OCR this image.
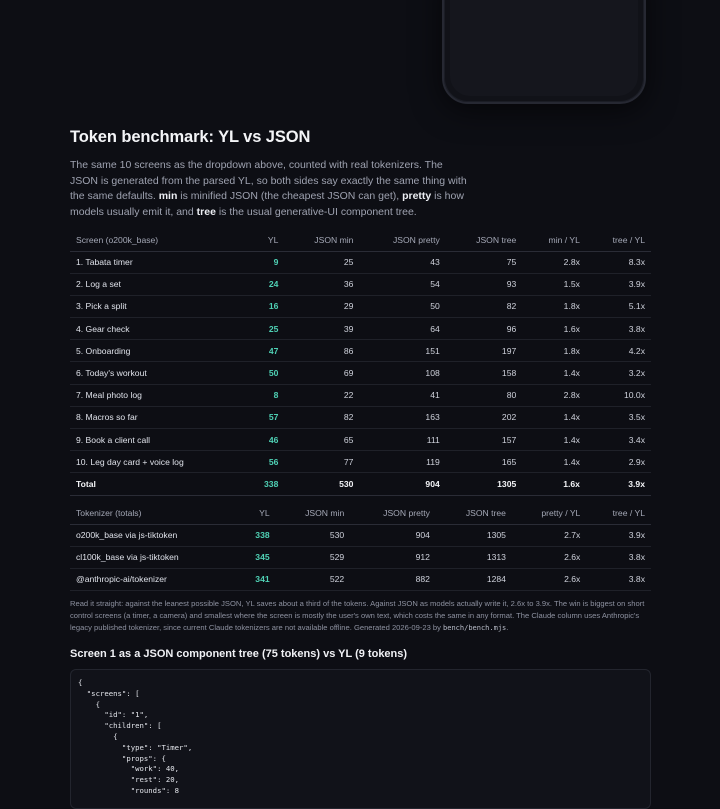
Token benchmark: YL vs JSON

The same 10 screens as the dropdown above, counted with real tokenizers. The JSON is generated from the parsed YL, so both sides say exactly the same thing with the same defaults. min is minified JSON (the cheapest JSON can get), pretty is how models usually emit it, and tree is the usual generative-UI component tree.

Screen (o200k_base)	YL	JSON min	JSON pretty	JSON tree	min / YL	tree / YL
1. Tabata timer	9	25	43	75	2.8x	8.3x
2. Log a set	24	36	54	93	1.5x	3.9x
3. Pick a split	16	29	50	82	1.8x	5.1x
4. Gear check	25	39	64	96	1.6x	3.8x
5. Onboarding	47	86	151	197	1.8x	4.2x
6. Today's workout	50	69	108	158	1.4x	3.2x
7. Meal photo log	8	22	41	80	2.8x	10.0x
8. Macros so far	57	82	163	202	1.4x	3.5x
9. Book a client call	46	65	111	157	1.4x	3.4x
10. Leg day card + voice log	56	77	119	165	1.4x	2.9x
Total	338	530	904	1305	1.6x	3.9x
Tokenizer (totals)	YL	JSON min	JSON pretty	JSON tree	pretty / YL	tree / YL
o200k_base via js-tiktoken	338	530	904	1305	2.7x	3.9x
cl100k_base via js-tiktoken	345	529	912	1313	2.6x	3.8x
@anthropic-ai/tokenizer	341	522	882	1284	2.6x	3.8x

Read it straight: against the leanest possible JSON, YL saves about a third of the tokens. Against JSON as models actually write it, 2.6x to 3.9x. The win is biggest on short control screens (a timer, a camera) and smallest where the screen is mostly the user's own text, which costs the same in any format. The Claude column uses Anthropic's legacy published tokenizer, since current Claude tokenizers are not available offline. Generated 2026-09-23 by bench/bench.mjs.

Screen 1 as a JSON component tree (75 tokens) vs YL (9 tokens)
{
"screens": [
{
"id": "1",
"children": [
{
"type": "Timer",
"props": {
"work": 40,
"rest": 20,
"rounds": 8
